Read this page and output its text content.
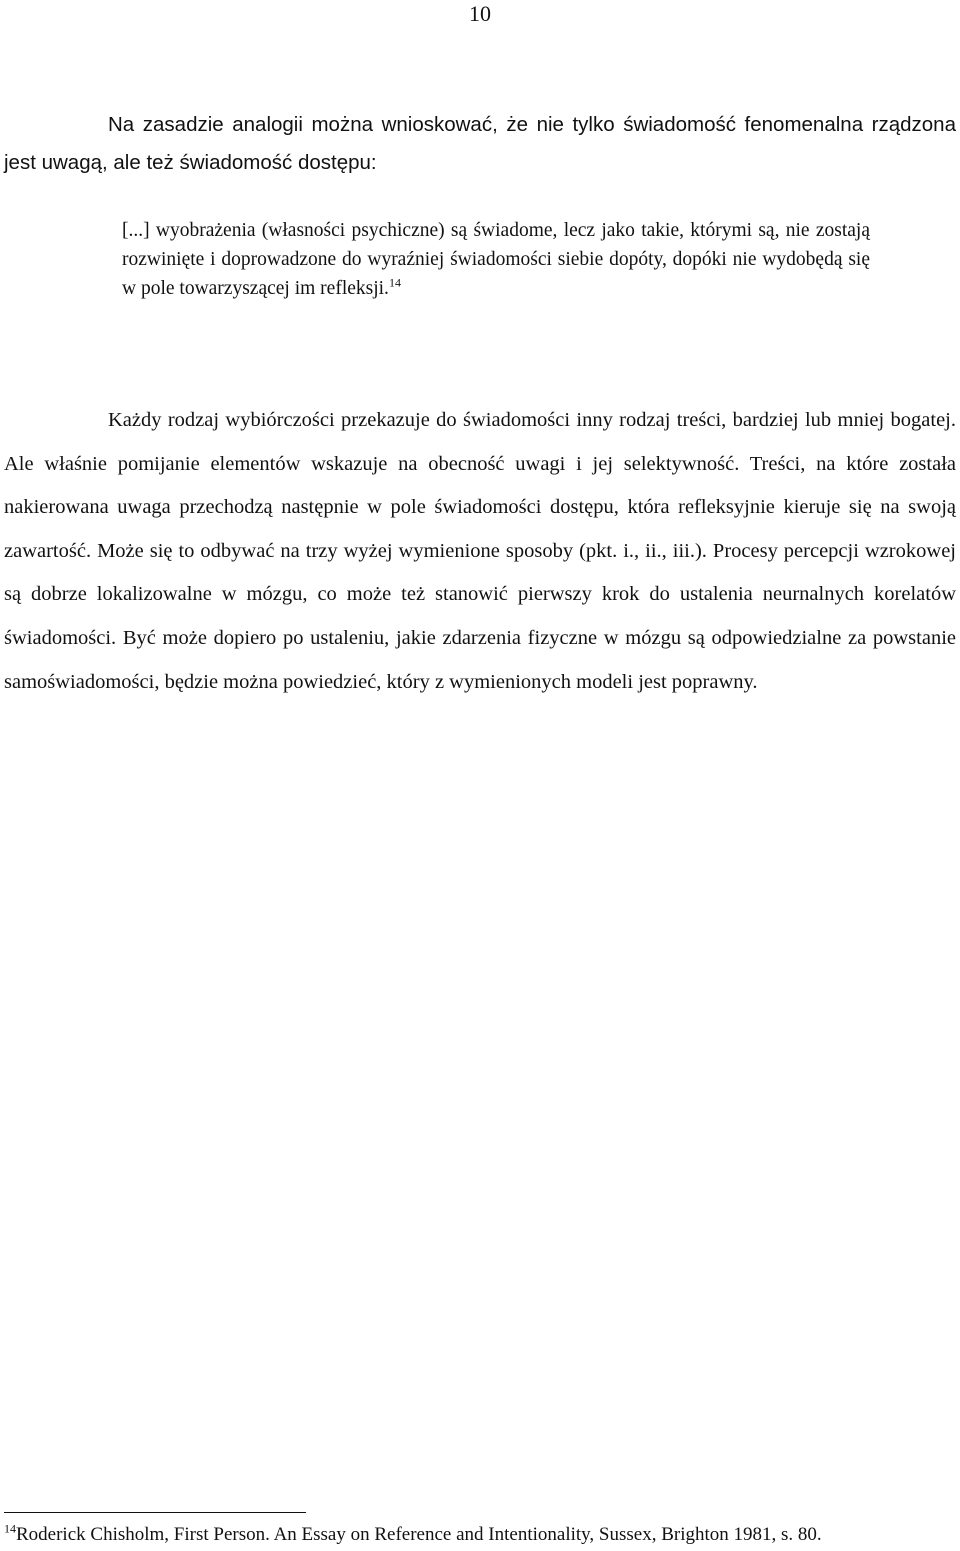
10

Na zasadzie analogii można wnioskować, że nie tylko świadomość fenomenalna rządzona jest uwagą, ale też świadomość dostępu:

[...] wyobrażenia (własności psychiczne) są świadome, lecz jako takie, którymi są, nie zostają rozwinięte i doprowadzone do wyraźniej świadomości siebie dopóty, dopóki nie wydobędą się w pole towarzyszącej im refleksji.$^{14}$

Każdy rodzaj wybiórczości przekazuje do świadomości inny rodzaj treści, bardziej lub mniej bogatej. Ale właśnie pomijanie elementów wskazuje na obecność uwagi i jej selektywność. Treści, na które została nakierowana uwaga przechodzą następnie w pole świadomości dostępu, która refleksyjnie kieruje się na swoją zawartość. Może się to odbywać na trzy wyżej wymienione sposoby (pkt. i., ii., iii.). Procesy percepcji wzrokowej są dobrze lokalizowalne w mózgu, co może też stanowić pierwszy krok do ustalenia neurnalnych korelatów świadomości. Być może dopiero po ustaleniu, jakie zdarzenia fizyczne w mózgu są odpowiedzialne za powstanie samoświadomości, będzie można powiedzieć, który z wymienionych modeli jest poprawny.

$^{14}$Roderick Chisholm, First Person. An Essay on Reference and Intentionality, Sussex, Brighton 1981, s. 80.
